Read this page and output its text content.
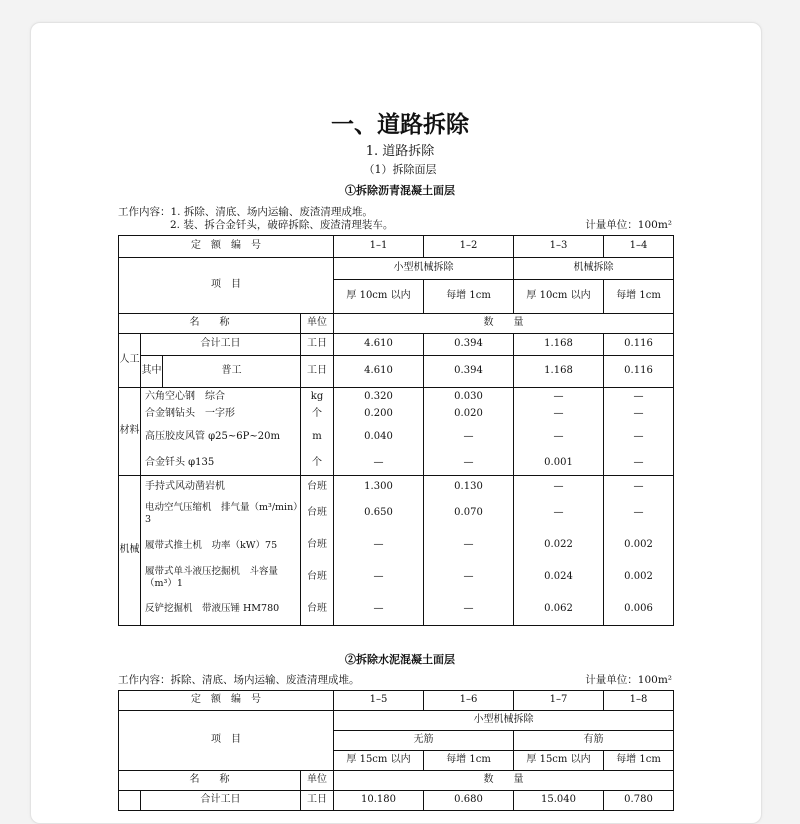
一、道路拆除
1. 道路拆除
（1）拆除面层
①拆除沥青混凝土面层
工作内容：1. 拆除、清底、场内运输、废渣清理成堆。
2. 装、拆合金钎头，破碎拆除、废渣清理装车。	计量单位：100m²
定　额　编　号				1–1	1–2	1–3	1–4
项　目				小型机械拆除		机械拆除	
				厚 10cm 以内	每增 1cm	厚 10cm 以内	每增 1cm
名　　称			单位	数　　量			
人工	合计工日		工日	4.610	0.394	1.168	0.116
	其中	普工	工日	4.610	0.394	1.168	0.116
材料	六角空心钢　综合		kg	0.320	0.030	—	—
	合金钢钻头　一字形		个	0.200	0.020	—	—
	高压胶皮风管 φ25~6P~20m		m	0.040	—	—	—
	合金钎头 φ135		个	—	—	0.001	—
机械	手持式风动凿岩机		台班	1.300	0.130	—	—
	电动空气压缩机　排气量（m³/min）3		台班	0.650	0.070	—	—
	履带式推土机　功率（kW）75		台班	—	—	0.022	0.002
	履带式单斗液压挖掘机　斗容量（m³）1		台班	—	—	0.024	0.002
	反铲挖掘机　带液压锤 HM780		台班	—	—	0.062	0.006
②拆除水泥混凝土面层
工作内容：拆除、清底、场内运输、废渣清理成堆。	计量单位：100m²
定　额　编　号			1–5	1–6	1–7	1–8
项　目			小型机械拆除			
			无筋		有筋	
			厚 15cm 以内	每增 1cm	厚 15cm 以内	每增 1cm
名　　称		单位	数　　量			
	合计工日	工日	10.180	0.680	15.040	0.780
